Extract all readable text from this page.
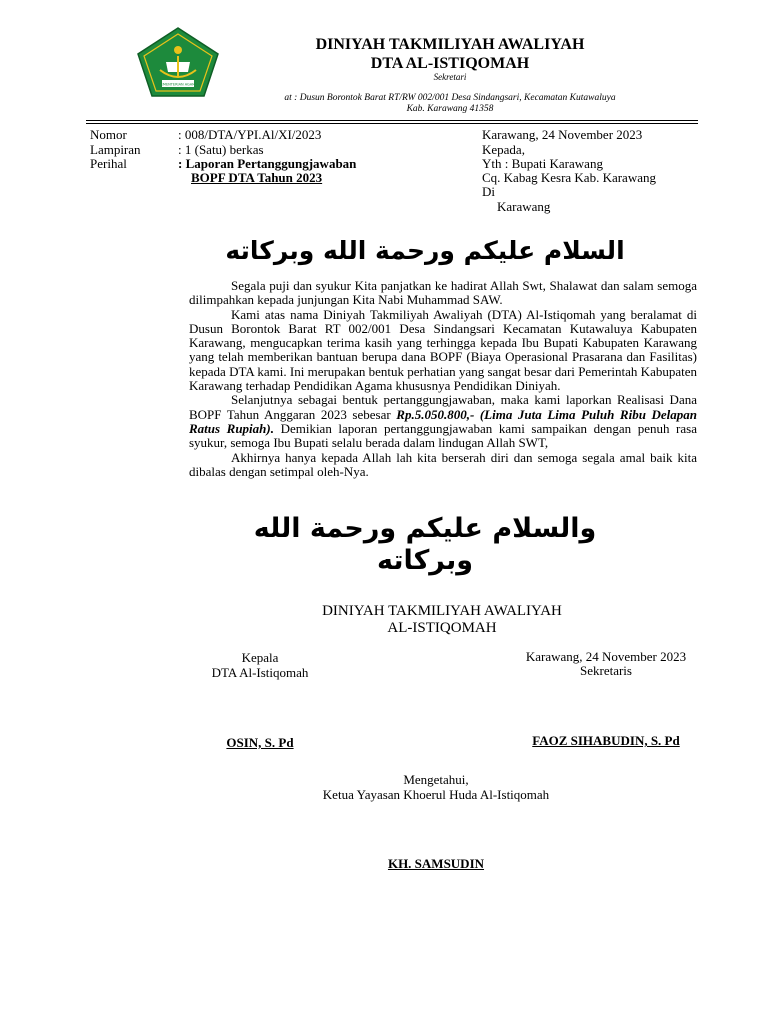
KEMENTERIAN AGAMA
DINIYAH TAKMILIYAH AWALIYAH
DTA AL-ISTIQOMAH
Sekretari
at : Dusun Borontok Barat RT/RW 002/001 Desa Sindangsari, Kecamatan Kutawaluya
Kab. Karawang 41358
Nomor	: 008/DTA/YPI.Al/XI/2023
Lampiran	: 1 (Satu) berkas
Perihal	: Laporan Pertanggungjawaban
BOPF DTA Tahun 2023
Karawang, 24 November 2023
Kepada,
Yth : Bupati Karawang
Cq. Kabag Kesra Kab. Karawang
Di
Karawang
السلام عليكم ورحمة الله وبركاته

Segala puji dan syukur Kita panjatkan ke hadirat Allah Swt, Shalawat dan salam semoga dilimpahkan kepada junjungan Kita Nabi Muhammad SAW.

Kami atas nama Diniyah Takmiliyah Awaliyah (DTA) Al-Istiqomah yang beralamat di Dusun Borontok Barat RT 002/001 Desa Sindangsari Kecamatan Kutawaluya Kabupaten Karawang, mengucapkan terima kasih yang terhingga kepada Ibu Bupati Kabupaten Karawang yang telah memberikan bantuan berupa dana BOPF (Biaya Operasional Prasarana dan Fasilitas) kepada DTA kami. Ini merupakan bentuk perhatian yang sangat besar dari Pemerintah Kabupaten Karawang terhadap Pendidikan Agama khususnya Pendidikan Diniyah.

Selanjutnya sebagai bentuk pertanggungjawaban, maka kami laporkan Realisasi Dana BOPF Tahun Anggaran 2023 sebesar Rp.5.050.800,- (Lima Juta Lima Puluh Ribu Delapan Ratus Rupiah). Demikian laporan pertanggungjawaban kami sampaikan dengan penuh rasa syukur, semoga Ibu Bupati selalu berada dalam lindugan Allah SWT,

Akhirnya hanya kepada Allah lah kita berserah diri dan semoga segala amal baik kita dibalas dengan setimpal oleh-Nya.

والسلام عليكم ورحمة الله
وبركاته
DINIYAH TAKMILIYAH AWALIYAH
AL-ISTIQOMAH
Kepala
DTA Al-Istiqomah
OSIN, S. Pd
Karawang, 24 November 2023
Sekretaris
FAOZ SIHABUDIN, S. Pd
Mengetahui,
Ketua Yayasan Khoerul Huda Al-Istiqomah
KH. SAMSUDIN
